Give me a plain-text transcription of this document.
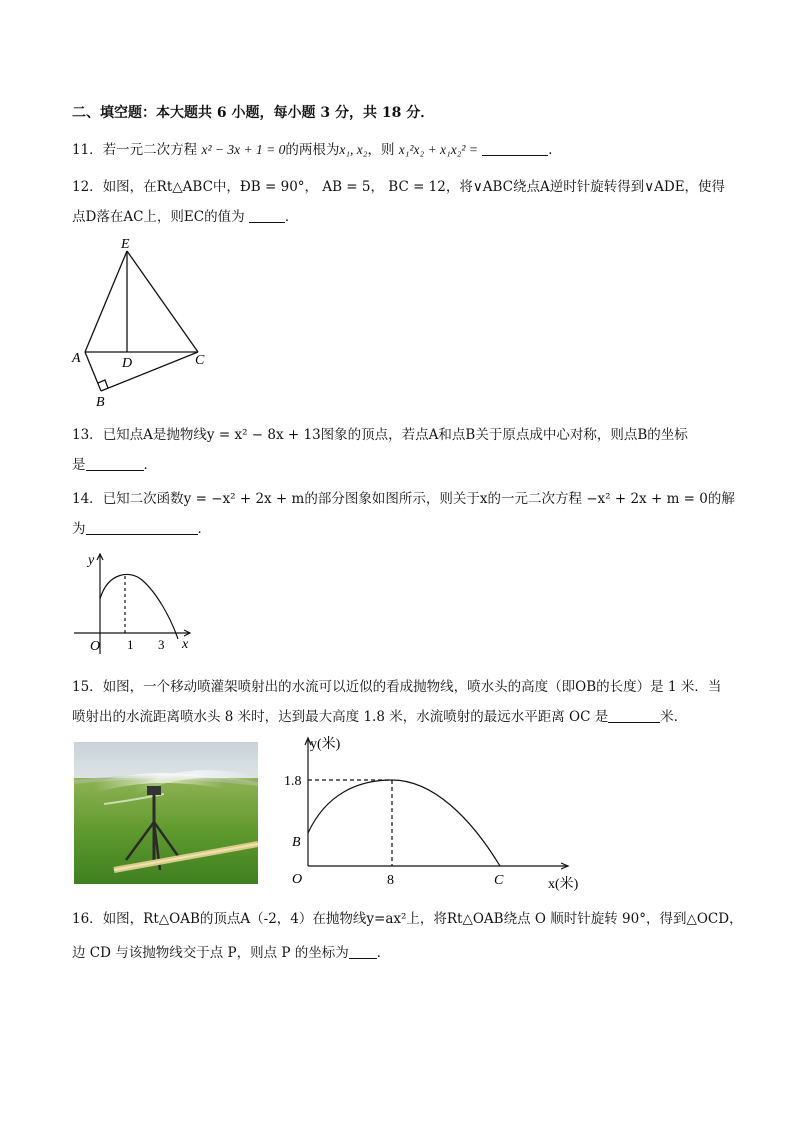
二、填空题：本大题共 6 小题，每小题 3 分，共 18 分．
11．若一元二次方程 x² − 3x + 1 = 0的两根为x₁, x₂，则 x₁²x₂ + x₁x₂² =	．
12．如图，在Rt△ABC中，ÐB = 90°， AB = 5， BC = 12，将∨ABC绕点A逆时针旋转得到∨ADE，使得
点D落在AC上，则EC的值为	．
E
A	D	C
B
13．已知点A是抛物线y = x² − 8x + 13图象的顶点，若点A和点B关于原点成中心对称，则点B的坐标
是	．
14．已知二次函数y = −x² + 2x + m的部分图象如图所示，则关于x的一元二次方程 −x² + 2x + m = 0的解
为	．
y
x
O 1 3
15．如图，一个移动喷灌架喷射出的水流可以近似的看成抛物线，喷水头的高度（即OB的长度）是 1 米．当
喷射出的水流距离喷水头 8 米时，达到最大高度 1.8 米，水流喷射的最远水平距离 OC 是	米．
y(米)
x(米)
1.8
8
O
B
C
16．如图，Rt△OAB的顶点A（-2，4）在抛物线y=ax²上，将Rt△OAB绕点 O 顺时针旋转 90°，得到△OCD，
边 CD 与该抛物线交于点 P，则点 P 的坐标为 ．
